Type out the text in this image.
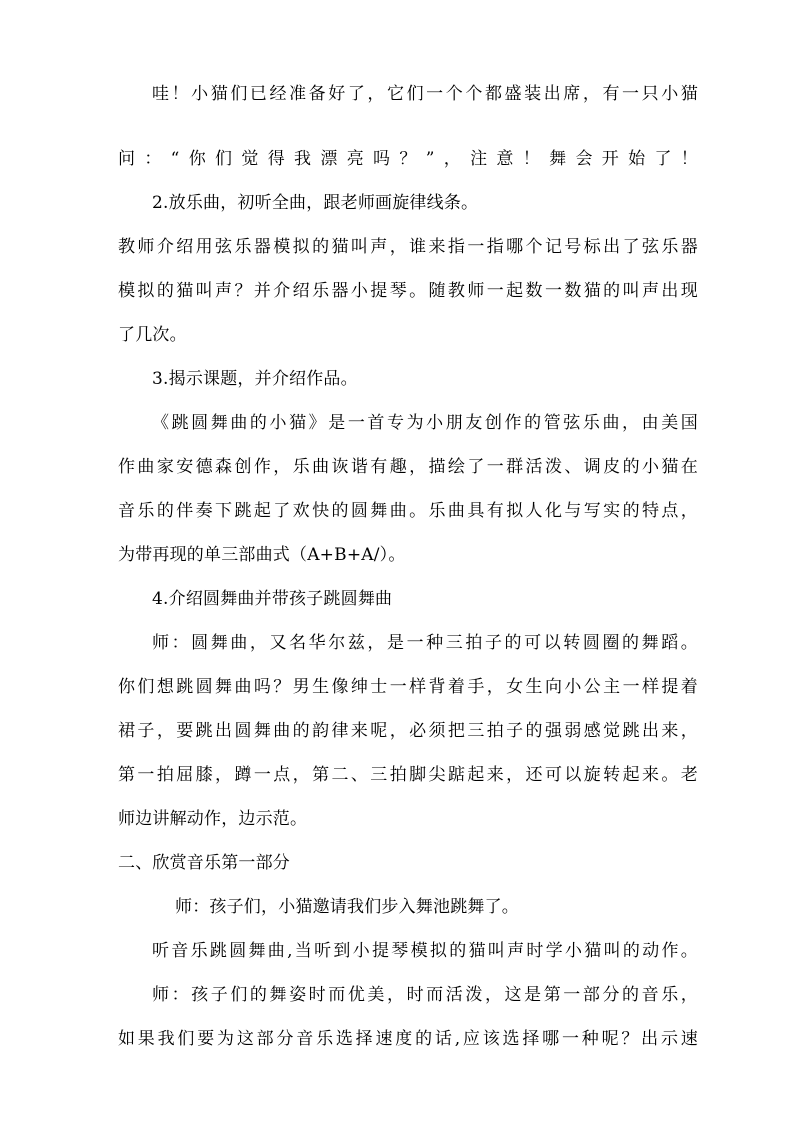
哇！小猫们已经准备好了，它们一个个都盛装出席，有一只小猫
问：“你们觉得我漂亮吗？”，注意！舞会开始了！
2.放乐曲，初听全曲，跟老师画旋律线条。
教师介绍用弦乐器模拟的猫叫声，谁来指一指哪个记号标出了弦乐器
模拟的猫叫声？并介绍乐器小提琴。随教师一起数一数猫的叫声出现
了几次。
3.揭示课题，并介绍作品。
《跳圆舞曲的小猫》是一首专为小朋友创作的管弦乐曲，由美国
作曲家安德森创作，乐曲诙谐有趣，描绘了一群活泼、调皮的小猫在
音乐的伴奏下跳起了欢快的圆舞曲。乐曲具有拟人化与写实的特点，
为带再现的单三部曲式（A+B+A/）。
4.介绍圆舞曲并带孩子跳圆舞曲
师：圆舞曲，又名华尔兹，是一种三拍子的可以转圆圈的舞蹈。
你们想跳圆舞曲吗？男生像绅士一样背着手，女生向小公主一样提着
裙子，要跳出圆舞曲的韵律来呢，必须把三拍子的强弱感觉跳出来，
第一拍屈膝，蹲一点，第二、三拍脚尖踮起来，还可以旋转起来。老
师边讲解动作，边示范。
二、欣赏音乐第一部分
师：孩子们，小猫邀请我们步入舞池跳舞了。
听音乐跳圆舞曲,当听到小提琴模拟的猫叫声时学小猫叫的动作。
师：孩子们的舞姿时而优美，时而活泼，这是第一部分的音乐，
如果我们要为这部分音乐选择速度的话,应该选择哪一种呢？出示速
